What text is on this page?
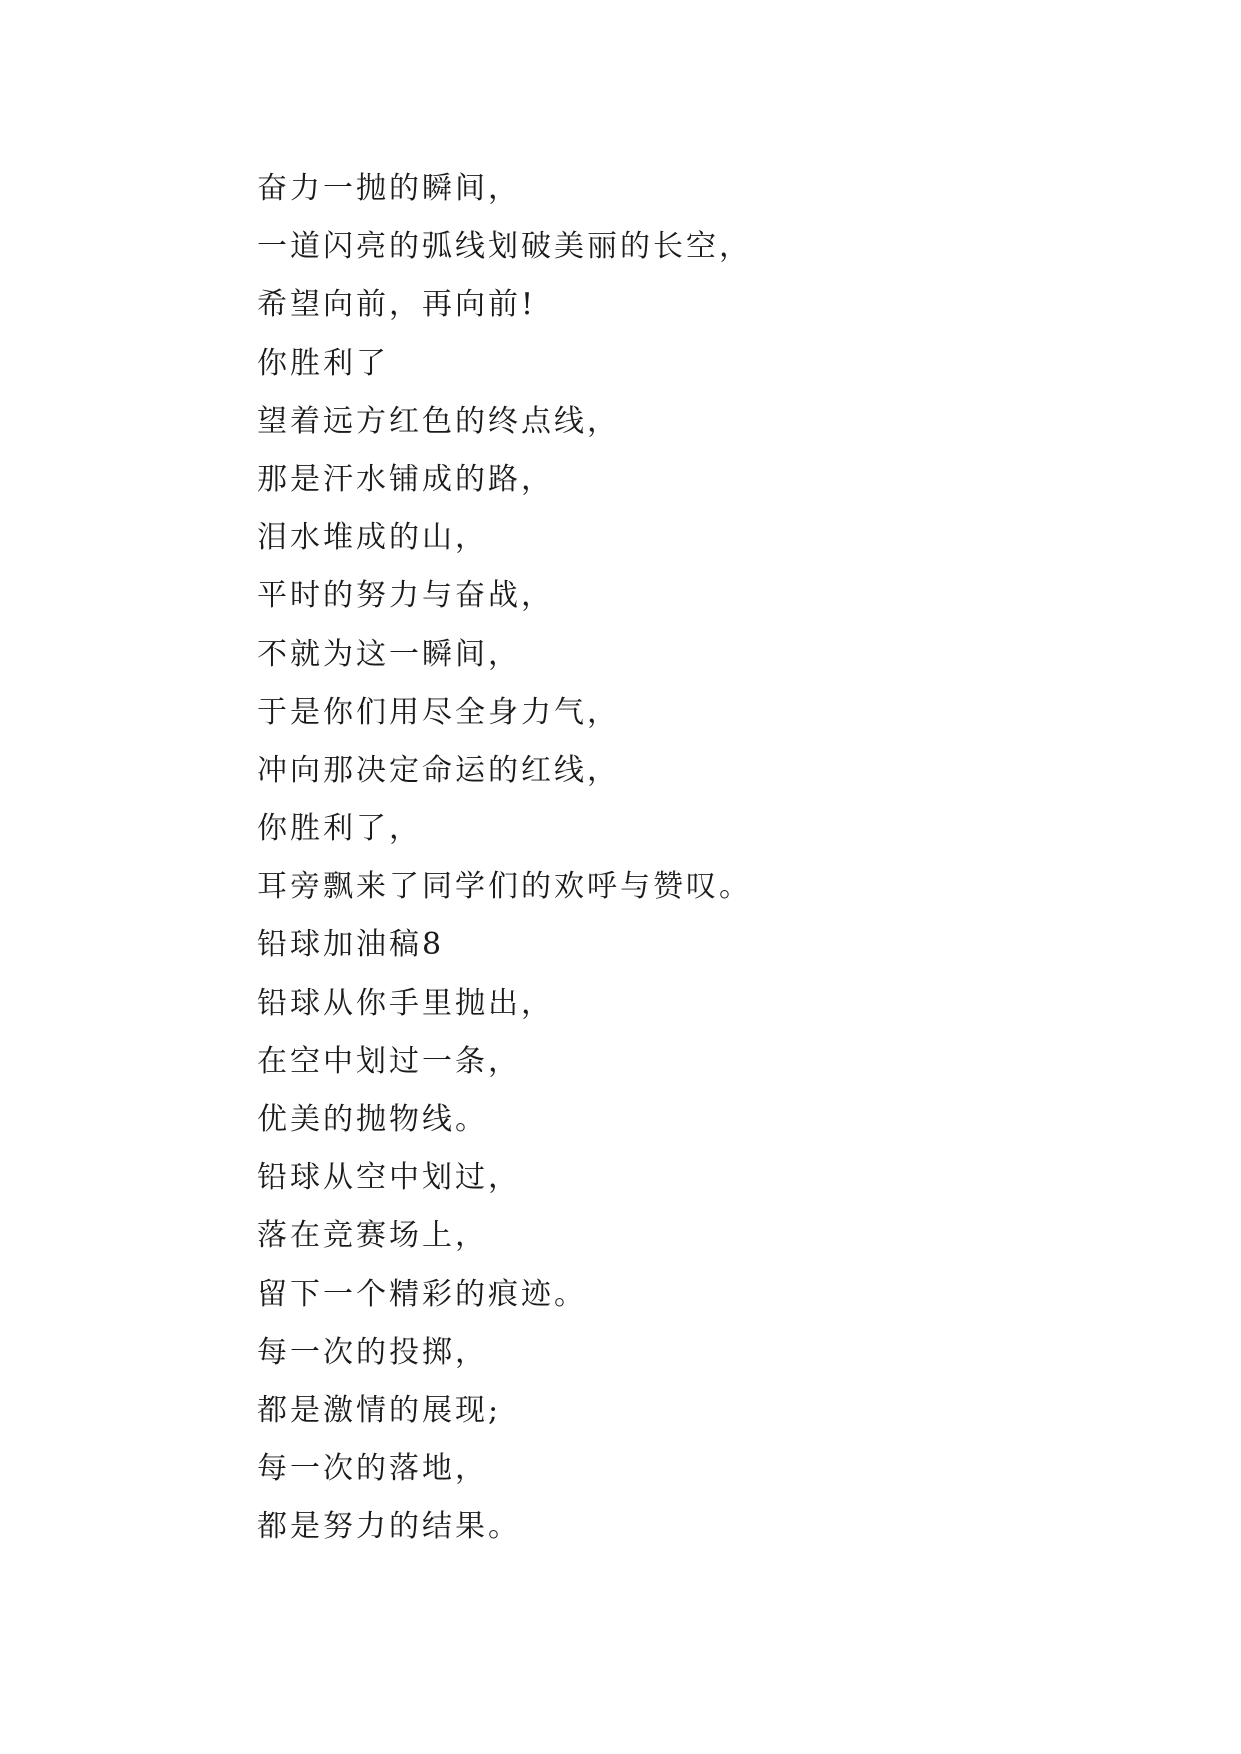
奋力一抛的瞬间，
一道闪亮的弧线划破美丽的长空，
希望向前，再向前!
你胜利了
望着远方红色的终点线，
那是汗水铺成的路，
泪水堆成的山，
平时的努力与奋战，
不就为这一瞬间，
于是你们用尽全身力气，
冲向那决定命运的红线，
你胜利了，
耳旁飘来了同学们的欢呼与赞叹。
铅球加油稿8
铅球从你手里抛出，
在空中划过一条，
优美的抛物线。
铅球从空中划过，
落在竞赛场上，
留下一个精彩的痕迹。
每一次的投掷，
都是激情的展现;
每一次的落地，
都是努力的结果。
